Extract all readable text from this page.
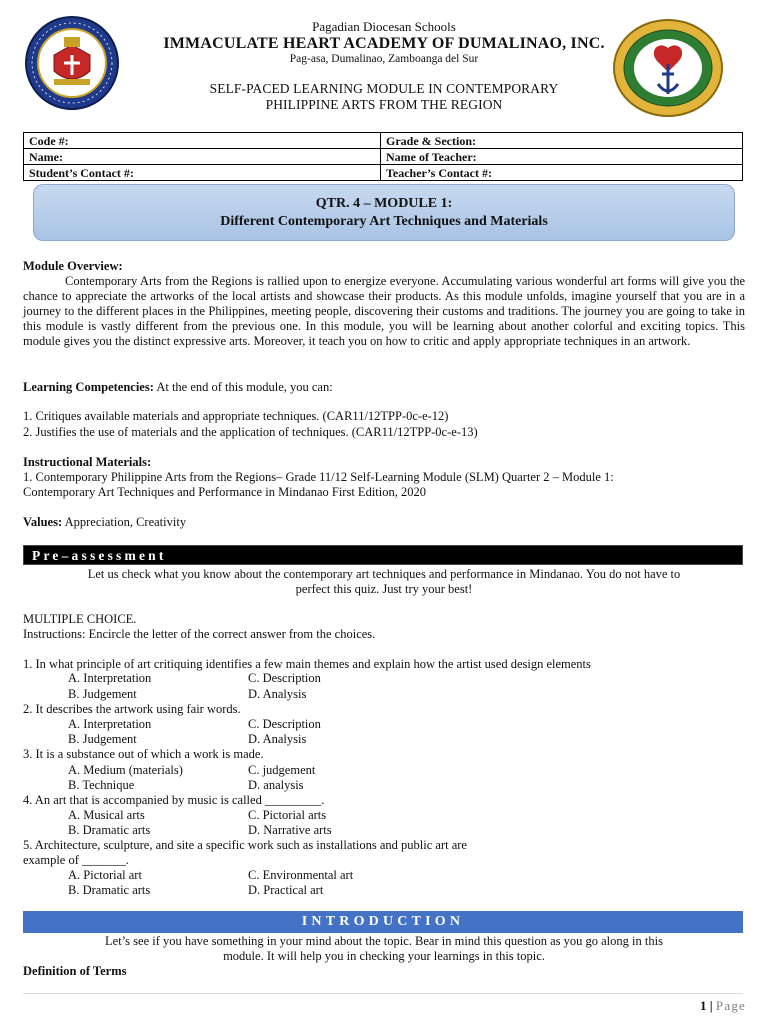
Pagadian Diocesan Schools
IMMACULATE HEART ACADEMY OF DUMALINAO, INC.
Pag-asa, Dumalinao, Zamboanga del Sur
SELF-PACED LEARNING MODULE IN CONTEMPORARY
PHILIPPINE ARTS FROM THE REGION
Code #:	Grade & Section:
Name:	Name of Teacher:
Student’s Contact #:	Teacher’s Contact #:
QTR. 4 – MODULE 1:
Different Contemporary Art Techniques and Materials
Module Overview:
Contemporary Arts from the Regions is rallied upon to energize everyone. Accumulating various wonderful art forms will give you the chance to appreciate the artworks of the local artists and showcase their products. As this module unfolds, imagine yourself that you are in a journey to the different places in the Philippines, meeting people, discovering their customs and traditions. The journey you are going to take in this module is vastly different from the previous one. In this module, you will be learning about another colorful and exciting topics. This module gives you the distinct expressive arts. Moreover, it teach you on how to critic and apply appropriate techniques in an artwork.
Learning Competencies: At the end of this module, you can:
1. Critiques available materials and appropriate techniques. (CAR11/12TPP-0c-e-12)
2. Justifies the use of materials and the application of techniques. (CAR11/12TPP-0c-e-13)
Instructional Materials:
1. Contemporary Philippine Arts from the Regions– Grade 11/12 Self-Learning Module (SLM) Quarter 2 – Module 1:
Contemporary Art Techniques and Performance in Mindanao First Edition, 2020
Values: Appreciation, Creativity
Pre–assessment
Let us check what you know about the contemporary art techniques and performance in Mindanao. You do not have to
perfect this quiz. Just try your best!
MULTIPLE CHOICE.
Instructions: Encircle the letter of the correct answer from the choices.
1. In what principle of art critiquing identifies a few main themes and explain how the artist used design elements
A. Interpretation	C. Description
B. Judgement	D. Analysis
2. It describes the artwork using fair words.
A. Interpretation	C. Description
B. Judgement	D. Analysis
3. It is a substance out of which a work is made.
A. Medium (materials)	C. judgement
B. Technique	D. analysis
4. An art that is accompanied by music is called _________.
A. Musical arts	C. Pictorial arts
B. Dramatic arts	D. Narrative arts
5. Architecture, sculpture, and site a specific work such as installations and public art are
example of _______.
A. Pictorial art	C. Environmental art
B. Dramatic arts	D. Practical art
INTRODUCTION
Let’s see if you have something in your mind about the topic. Bear in mind this question as you go along in this
module. It will help you in checking your learnings in this topic.
Definition of Terms
1 | Page
